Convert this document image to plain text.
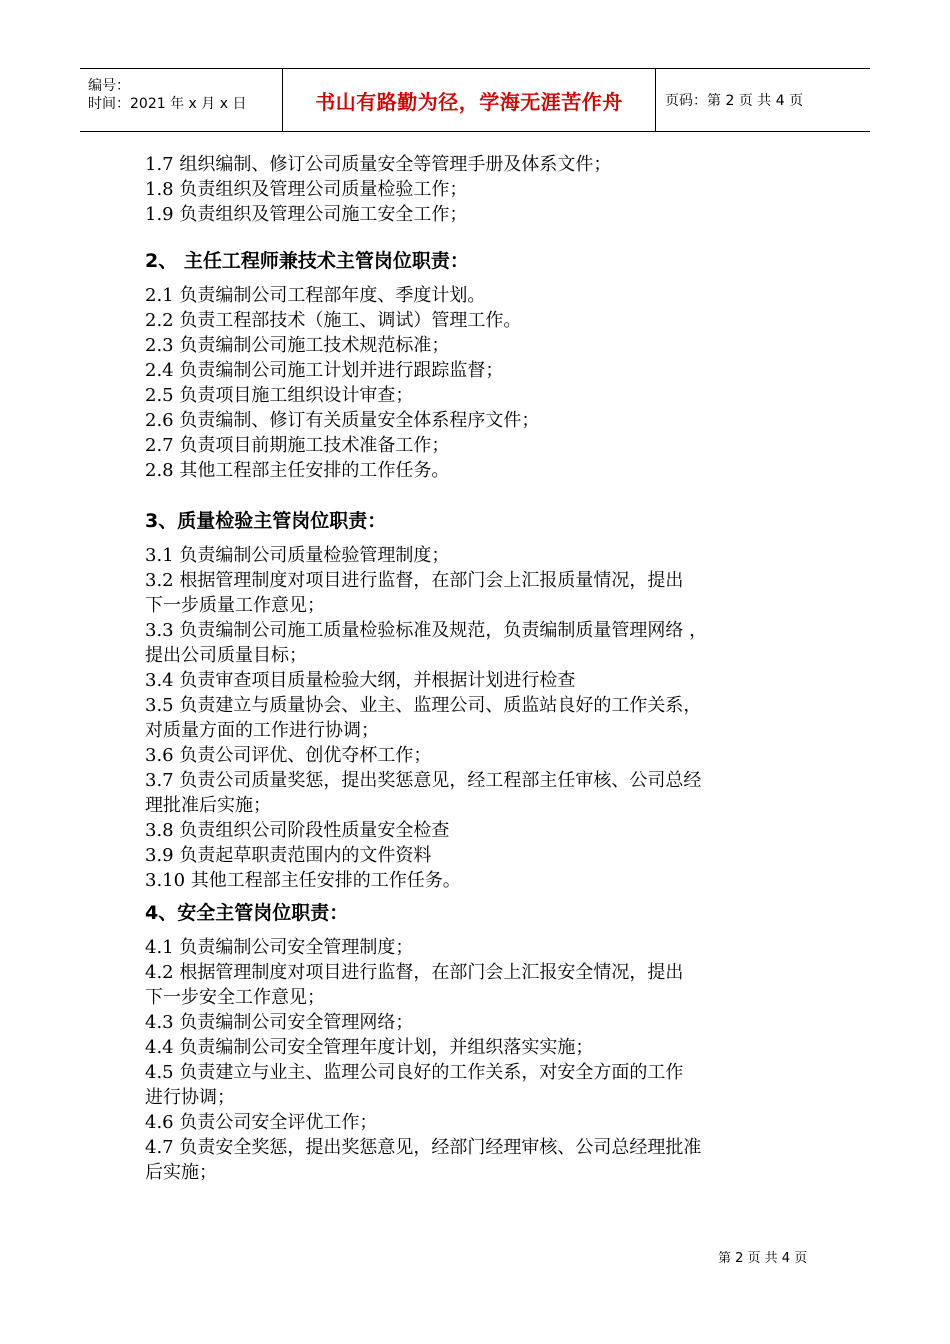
编号：
时间：2021 年 x 月 x 日	书山有路勤为径，学海无涯苦作舟	页码：第 2 页 共 4 页
1.7 组织编制、修订公司质量安全等管理手册及体系文件；
1.8 负责组织及管理公司质量检验工作；
1.9 负责组织及管理公司施工安全工作；
2、 主任工程师兼技术主管岗位职责：
2.1 负责编制公司工程部年度、季度计划。
2.2 负责工程部技术（施工、调试）管理工作。
2.3 负责编制公司施工技术规范标准；
2.4 负责编制公司施工计划并进行跟踪监督；
2.5 负责项目施工组织设计审查；
2.6 负责编制、修订有关质量安全体系程序文件；
2.7 负责项目前期施工技术准备工作；
2.8 其他工程部主任安排的工作任务。
3、质量检验主管岗位职责：
3.1 负责编制公司质量检验管理制度；
3.2 根据管理制度对项目进行监督，在部门会上汇报质量情况，提出
下一步质量工作意见；
3.3 负责编制公司施工质量检验标准及规范，负责编制质量管理网络 ，
提出公司质量目标；
3.4 负责审查项目质量检验大纲，并根据计划进行检查
3.5 负责建立与质量协会、业主、监理公司、质监站良好的工作关系，
对质量方面的工作进行协调；
3.6 负责公司评优、创优夺杯工作；
3.7 负责公司质量奖惩，提出奖惩意见，经工程部主任审核、公司总经
理批准后实施；
3.8 负责组织公司阶段性质量安全检查
3.9 负责起草职责范围内的文件资料
3.10 其他工程部主任安排的工作任务。
4、安全主管岗位职责：
4.1 负责编制公司安全管理制度；
4.2 根据管理制度对项目进行监督，在部门会上汇报安全情况，提出
下一步安全工作意见；
4.3 负责编制公司安全管理网络；
4.4 负责编制公司安全管理年度计划，并组织落实实施；
4.5 负责建立与业主、监理公司良好的工作关系，对安全方面的工作
进行协调；
4.6 负责公司安全评优工作；
4.7 负责安全奖惩，提出奖惩意见，经部门经理审核、公司总经理批准
后实施；
第 2 页 共 4 页
